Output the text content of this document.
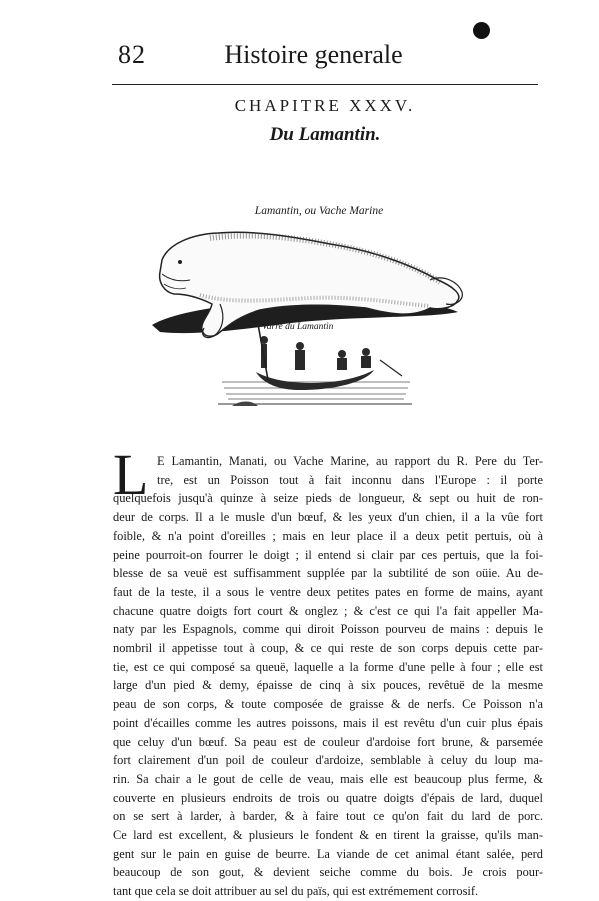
82	Histoire generale
CHAPITRE XXXV.
Du Lamantin.
Lamantin, ou Vache Marine
Varre du Lamantin
L E Lamantin, Manati, ou Vache Marine, au rapport du R. Pere du Ter-
tre, est un Poisson tout à fait inconnu dans l'Europe : il porte
quelquefois jusqu'à quinze à seize pieds de longueur, & sept ou huit de ron-
deur de corps. Il a le musle d'un bœuf, & les yeux d'un chien, il a la vûe fort
foible, & n'a point d'oreilles ; mais en leur place il a deux petit pertuis, où à
peine pourroit-on fourrer le doigt ; il entend si clair par ces pertuis, que la foi-
blesse de sa veuë est suffisamment supplée par la subtilité de son oüie. Au de-
faut de la teste, il a sous le ventre deux petites pates en forme de mains, ayant
chacune quatre doigts fort court & onglez ; & c'est ce qui l'a fait appeller Ma-
naty par les Espagnols, comme qui diroit Poisson pourveu de mains : depuis le
nombril il appetisse tout à coup, & ce qui reste de son corps depuis cette par-
tie, est ce qui composé sa queuë, laquelle a la forme d'une pelle à four ; elle est
large d'un pied & demy, épaisse de cinq à six pouces, revêtuë de la mesme
peau de son corps, & toute composée de graisse & de nerfs. Ce Poisson n'a
point d'écailles comme les autres poissons, mais il est revêtu d'un cuir plus épais
que celuy d'un bœuf. Sa peau est de couleur d'ardoise fort brune, & parsemée
fort clairement d'un poil de couleur d'ardoize, semblable à celuy du loup ma-
rin. Sa chair a le gout de celle de veau, mais elle est beaucoup plus ferme, &
couverte en plusieurs endroits de trois ou quatre doigts d'épais de lard, duquel
on se sert à larder, à barder, & à faire tout ce qu'on fait du lard de porc.
Ce lard est excellent, & plusieurs le fondent & en tirent la graisse, qu'ils man-
gent sur le pain en guise de beurre. La viande de cet animal étant salée, perd
beaucoup de son gout, & devient seiche comme du bois. Je crois pour-
tant que cela se doit attribuer au sel du païs, qui est extrémement corrosif.
